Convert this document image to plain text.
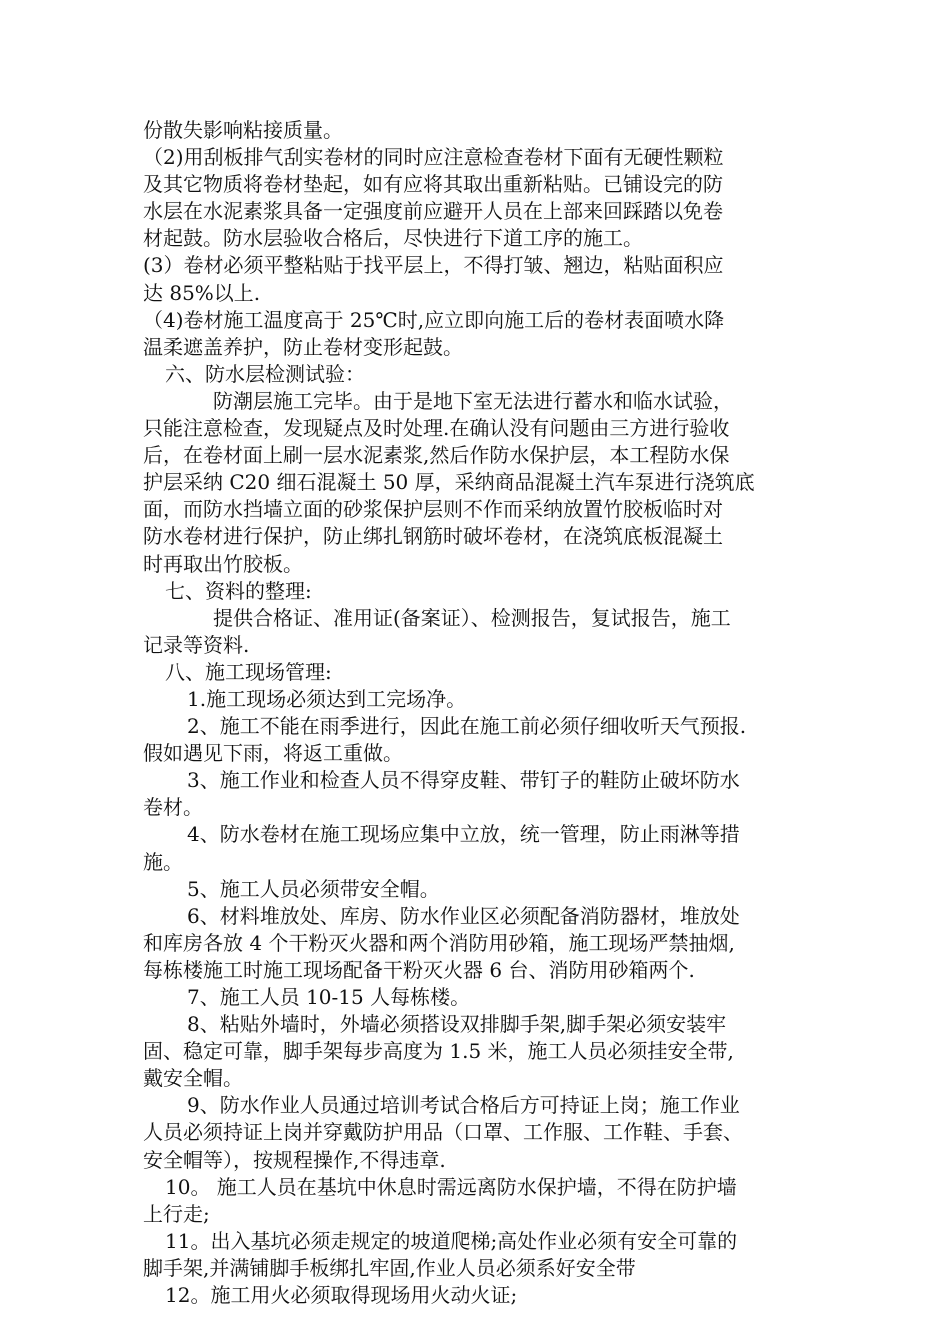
份散失影响粘接质量。
（2)用刮板排气刮实卷材的同时应注意检查卷材下面有无硬性颗粒
及其它物质将卷材垫起，如有应将其取出重新粘贴。已铺设完的防
水层在水泥素浆具备一定强度前应避开人员在上部来回踩踏以免卷
材起鼓。防水层验收合格后，尽快进行下道工序的施工。
(3）卷材必须平整粘贴于找平层上，不得打皱、翘边，粘贴面积应
达 85%以上.
（4)卷材施工温度高于 25℃时,应立即向施工后的卷材表面喷水降
温柔遮盖养护，防止卷材变形起鼓。
六、防水层检测试验：
防潮层施工完毕。由于是地下室无法进行蓄水和临水试验，
只能注意检查，发现疑点及时处理.在确认没有问题由三方进行验收
后，在卷材面上刷一层水泥素浆,然后作防水保护层，本工程防水保
护层采纳 C20 细石混凝土 50 厚，采纳商品混凝土汽车泵进行浇筑底
面，而防水挡墙立面的砂浆保护层则不作而采纳放置竹胶板临时对
防水卷材进行保护，防止绑扎钢筋时破坏卷材，在浇筑底板混凝土
时再取出竹胶板。
七、资料的整理:
提供合格证、准用证(备案证）、检测报告，复试报告，施工
记录等资料.
八、施工现场管理:
1.施工现场必须达到工完场净。
2、施工不能在雨季进行，因此在施工前必须仔细收听天气预报.
假如遇见下雨，将返工重做。
3、施工作业和检查人员不得穿皮鞋、带钉子的鞋防止破坏防水
卷材。
4、防水卷材在施工现场应集中立放，统一管理，防止雨淋等措
施。
5、施工人员必须带安全帽。
6、材料堆放处、库房、防水作业区必须配备消防器材，堆放处
和库房各放 4 个干粉灭火器和两个消防用砂箱，施工现场严禁抽烟,
每栋楼施工时施工现场配备干粉灭火器 6 台、消防用砂箱两个.
7、施工人员 10-15 人每栋楼。
8、粘贴外墙时，外墙必须搭设双排脚手架,脚手架必须安装牢
固、稳定可靠，脚手架每步高度为 1.5 米，施工人员必须挂安全带,
戴安全帽。
9、防水作业人员通过培训考试合格后方可持证上岗；施工作业
人员必须持证上岗并穿戴防护用品（口罩、工作服、工作鞋、手套、
安全帽等），按规程操作,不得违章.
10。 施工人员在基坑中休息时需远离防水保护墙，不得在防护墙
上行走;
11。出入基坑必须走规定的坡道爬梯;高处作业必须有安全可靠的
脚手架,并满铺脚手板绑扎牢固,作业人员必须系好安全带
12。施工用火必须取得现场用火动火证;
